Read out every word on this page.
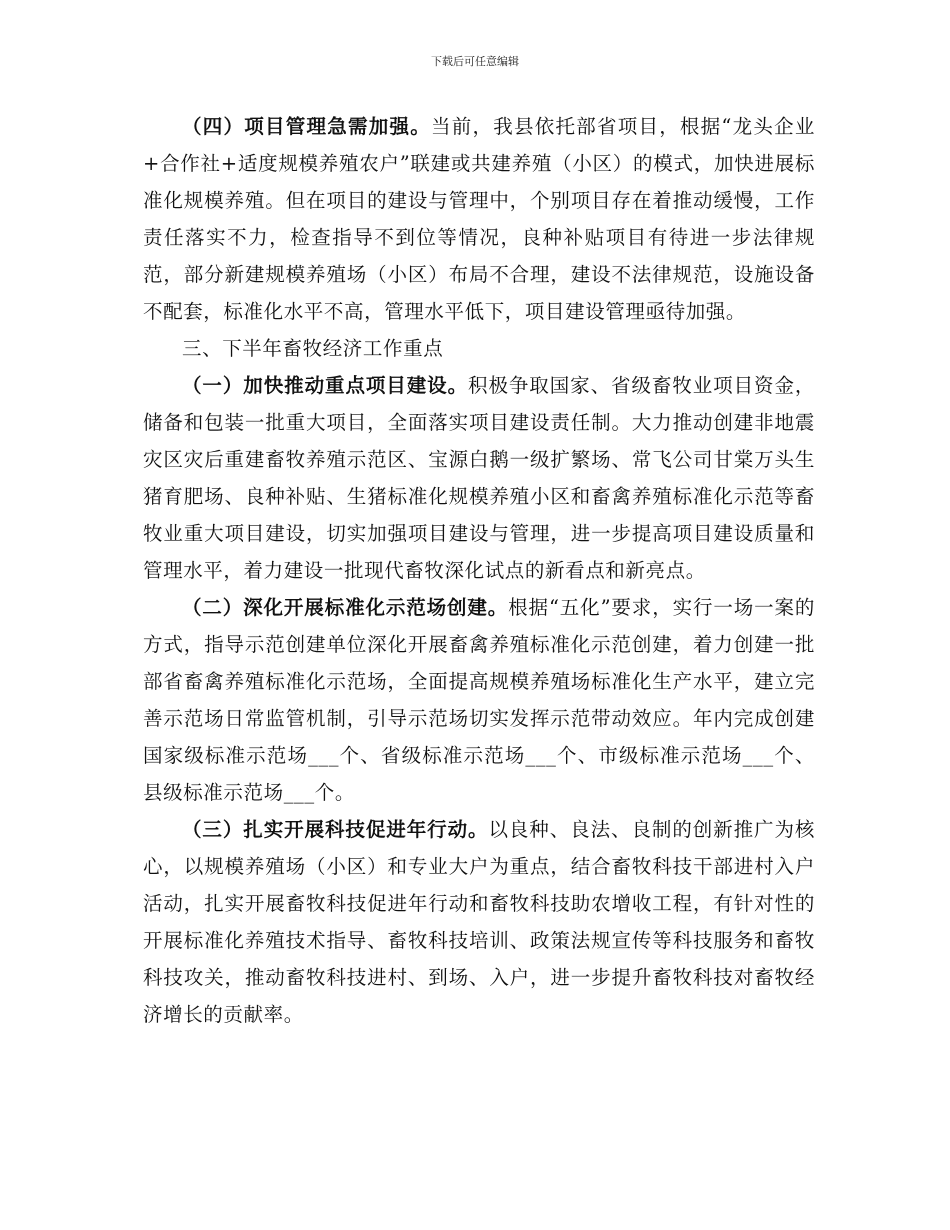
下载后可任意编辑

（四）项目管理急需加强。当前，我县依托部省项目，根据“龙头企业+合作社+适度规模养殖农户”联建或共建养殖（小区）的模式，加快进展标准化规模养殖。但在项目的建设与管理中，个别项目存在着推动缓慢，工作责任落实不力，检查指导不到位等情况，良种补贴项目有待进一步法律规范，部分新建规模养殖场（小区）布局不合理，建设不法律规范，设施设备不配套，标准化水平不高，管理水平低下，项目建设管理亟待加强。

三、下半年畜牧经济工作重点

（一）加快推动重点项目建设。积极争取国家、省级畜牧业项目资金，储备和包装一批重大项目，全面落实项目建设责任制。大力推动创建非地震灾区灾后重建畜牧养殖示范区、宝源白鹅一级扩繁场、常飞公司甘棠万头生猪育肥场、良种补贴、生猪标准化规模养殖小区和畜禽养殖标准化示范等畜牧业重大项目建设，切实加强项目建设与管理，进一步提高项目建设质量和管理水平，着力建设一批现代畜牧深化试点的新看点和新亮点。

（二）深化开展标准化示范场创建。根据“五化”要求，实行一场一案的方式，指导示范创建单位深化开展畜禽养殖标准化示范创建，着力创建一批部省畜禽养殖标准化示范场，全面提高规模养殖场标准化生产水平，建立完善示范场日常监管机制，引导示范场切实发挥示范带动效应。年内完成创建国家级标准示范场___个、省级标准示范场___个、市级标准示范场___个、县级标准示范场___个。

（三）扎实开展科技促进年行动。以良种、良法、良制的创新推广为核心，以规模养殖场（小区）和专业大户为重点，结合畜牧科技干部进村入户活动，扎实开展畜牧科技促进年行动和畜牧科技助农增收工程，有针对性的开展标准化养殖技术指导、畜牧科技培训、政策法规宣传等科技服务和畜牧科技攻关，推动畜牧科技进村、到场、入户，进一步提升畜牧科技对畜牧经济增长的贡献率。
